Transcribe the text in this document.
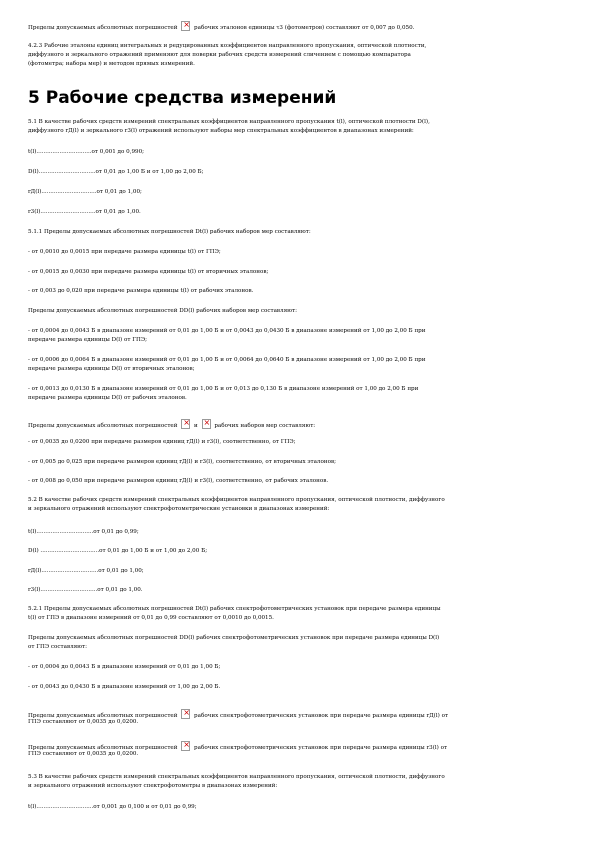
Пределы допускаемых абсолютных погрешностей ×	рабочих эталонов единицы τ3 (фотометров) составляют от 0,007 до 0,050.
4.2.3 Рабочие эталоны единиц интегральных и редуцированных коэффициентов направленного пропускания, оптической плотности,
диффузного и зеркального отражений применяют для поверки рабочих средств измерений сличением с помощью компаратора
(фотометра; набора мер) и методом прямых измерений.
5 Рабочие средства измерений
5.1 В качестве рабочих средств измерений спектральных коэффициентов направленного пропускания t(l), оптической плотности D(l),
диффузного rД(l) и зеркального r3(l) отражений используют наборы мер спектральных коэффициентов в диапазонах измерений:
t(l)...............................от 0,001 до 0,990;
D(l)................................от 0,01 до 1,00 Б и от 1,00 до 2,00 Б;
rД(l)...............................от 0,01 до 1,00;
r3(l)...............................от 0,01 до 1,00.
5.1.1 Пределы допускаемых абсолютных погрешностей Dt(l) рабочих наборов мер составляют:
- от 0,0010 до 0,0015 при передаче размера единицы t(l) от ГПЭ;
- от 0,0015 до 0,0030 при передаче размера единицы t(l) от вторичных эталонов;
- от 0,003 до 0,020 при передаче размера единицы t(l) от рабочих эталонов.
Пределы допускаемых абсолютных погрешностей DD(l) рабочих наборов мер составляют:
- от 0,0004 до 0,0043 Б в диапазоне измерений от 0,01 до 1,00 Б и от 0,0043 до 0,0430 Б в диапазоне измерений от 1,00 до 2,00 Б при
передаче размера единицы D(l) от ГПЭ;
- от 0,0006 до 0,0064 Б в диапазоне измерений от 0,01 до 1,00 Б и от 0,0064 до 0,0640 Б в диапазоне измерений от 1,00 до 2,00 Б при
передаче размера единицы D(l) от вторичных эталонов;
- от 0,0013 до 0,0130 Б в диапазоне измерений от 0,01 до 1,00 Б и от 0,013 до 0,130 Б в диапазоне измерений от 1,00 до 2,00 Б при
передаче размера единицы D(l) от рабочих эталонов.
Пределы допускаемых абсолютных погрешностей ×	и ×	рабочих наборов мер составляют:
- от 0,0035 до 0,0200 при передаче размеров единиц rД(l) и r3(l), соответственно, от ГПЭ;
- от 0,005 до 0,025 при передаче размеров единиц rД(l) и r3(l), соответственно, от вторичных эталонов;
- от 0,008 до 0,050 при передаче размеров единиц rД(l) и r3(l), соответственно, от рабочих эталонов.
5.2 В качестве рабочих средств измерений спектральных коэффициентов направленного пропускания, оптической плотности, диффузного
и зеркального отражений используют спектрофотометрические установки в диапазонах измерений:
t(l)................................от 0,01 до 0,99;
D(l) .................................от 0,01 до 1,00 Б и от 1,00 до 2,00 Б;
rД(l)................................от 0,01 до 1,00;
r3(l)................................от 0,01 до 1,00.
5.2.1 Пределы допускаемых абсолютных погрешностей Dt(l) рабочих спектрофотометрических установок при передаче размера единицы
t(l) от ГПЭ в диапазоне измерений от 0,01 до 0,99 составляют от 0,0010 до 0,0015.
Пределы допускаемых абсолютных погрешностей DD(l) рабочих спектрофотометрических установок при передаче размера единицы D(l)
от ГПЭ составляют:
- от 0,0004 до 0,0043 Б в диапазоне измерений от 0,01 до 1,00 Б;
- от 0,0043 до 0,0430 Б в диапазоне измерений от 1,00 до 2,00 Б.
Пределы допускаемых абсолютных погрешностей ×	рабочих спектрофотометрических установок при передаче размера единицы rД(l) от
ГПЭ составляют от 0,0035 до 0,0200.
Пределы допускаемых абсолютных погрешностей ×	рабочих спектрофотометрических установок при передаче размера единицы r3(l) от
ГПЭ составляют от 0,0035 до 0,0200.
5.3 В качестве рабочих средств измерений спектральных коэффициентов направленного пропускания, оптической плотности, диффузного
и зеркального отражений используют спектрофотометры в диапазонах измерений:
t(l)................................от 0,001 до 0,100 и от 0,01 до 0,99;
